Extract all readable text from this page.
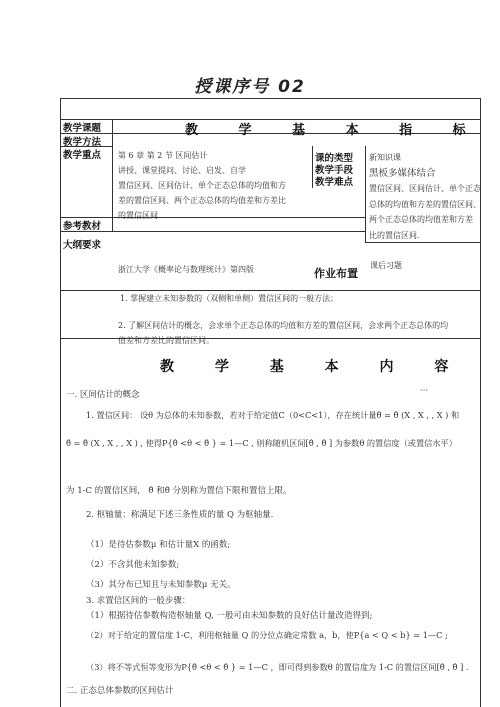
授课序号 02
教学课题
教学方法
教学重点
参考教材
大纲要求
课的类型
教学手段
教学难点
作业布置
教 学 基 本 指 标
第 6 章 第 2 节 区间估计
讲授、课堂提问、讨论、启发、自学
置信区间、区间估计、单个正态总体的均值和方
差的置信区间、两个正态总体的均值差和方差比
的置信区间.
新知识课
黑板多媒体结合
置信区间、区间估计、单个正态
总体的均值和方差的置信区间、
两个正态总体的均值差和方差
比的置信区间.
浙江大学《概率论与数理统计》第四版	课后习题
1. 掌握建立未知参数的（双侧和单侧）置信区间的一般方法；
2. 了解区间估计的概念，会求单个正态总体的均值和方差的置信区间，会求两个正态总体的均
值差和方差比的置信区间。
教 学 基 本 内 容
一. 区间估计的概念	···
1. 置信区间： 设θ 为总体的未知参数，若对于给定值C（0<C<1），存在统计量θ̂ = θ̂ (X , X , , X ) 和
θ̂ = θ̂ (X , X , , X ) , 使得P{θ̂ <θ < θ̂ } = 1—C , 则称随机区间[θ̂ , θ̂ ] 为参数θ 的置信度（或置信水平）
为 1-C 的置信区间， θ̂ 和θ̂ 分别称为置信下限和置信上限。
2. 枢轴量：称满足下述三条性质的量 Q 为枢轴量.
（1）是待估参数μ 和估计量X 的函数;
（2）不含其他未知参数;
（3）其分布已知且与未知参数μ 无关。
3. 求置信区间的一般步骤：
（1）根据待估参数构造枢轴量 Q, 一般可由未知参数的良好估计量改造得到;
（2）对于给定的置信度 1-C，利用枢轴量 Q 的分位点确定常数 a，b，使P{a < Q < b} = 1—C ;
（3）将不等式恒等变形为P{θ̂ <θ < θ̂ } = 1—C ，即可得到参数θ 的置信度为 1-C 的置信区间[θ̂ , θ̂ ] .
二. 正态总体参数的区间估计
